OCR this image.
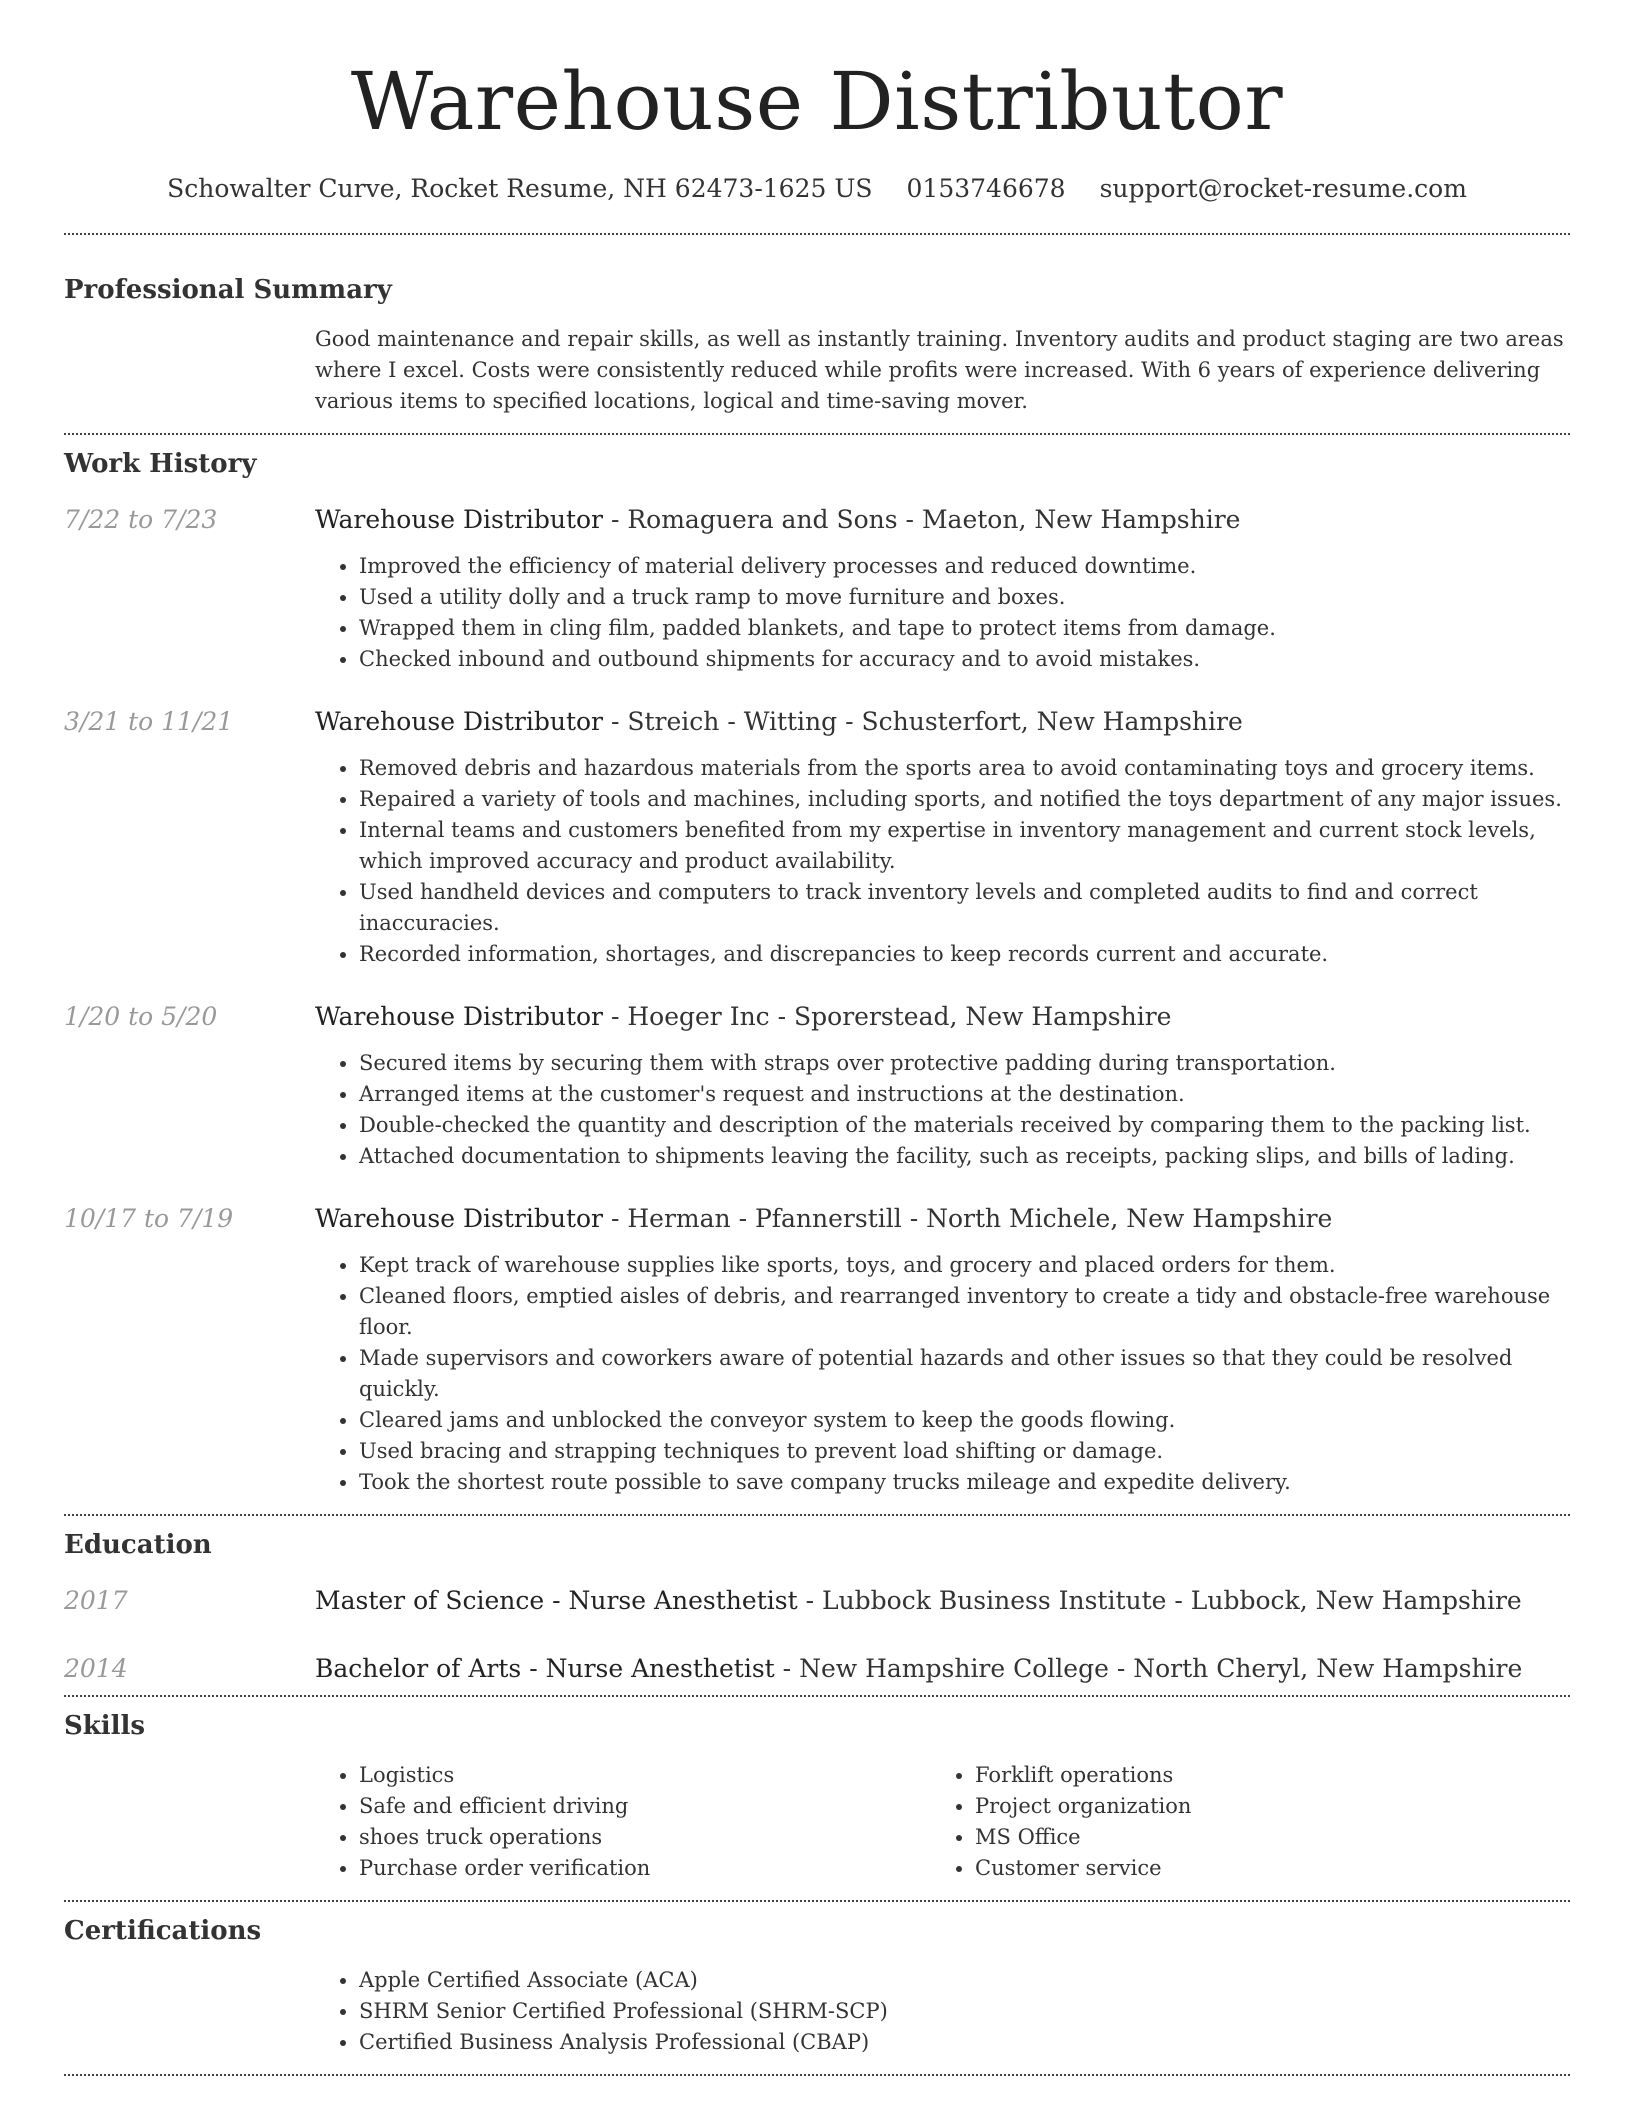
Warehouse Distributor
Schowalter Curve, Rocket Resume, NH 62473-1625 US 0153746678 support@rocket-resume.com
Professional Summary

Good maintenance and repair skills, as well as instantly training. Inventory audits and product staging are two areas where I excel. Costs were consistently reduced while profits were increased. With 6 years of experience delivering various items to specified locations, logical and time-saving mover.

Work History
7/22 to 7/23	Warehouse Distributor - Romaguera and Sons - Maeton, New Hampshire
• Improved the efficiency of material delivery processes and reduced downtime.
• Used a utility dolly and a truck ramp to move furniture and boxes.
• Wrapped them in cling film, padded blankets, and tape to protect items from damage.
• Checked inbound and outbound shipments for accuracy and to avoid mistakes.
3/21 to 11/21	Warehouse Distributor - Streich - Witting - Schusterfort, New Hampshire
• Removed debris and hazardous materials from the sports area to avoid contaminating toys and grocery items.
• Repaired a variety of tools and machines, including sports, and notified the toys department of any major issues.
• Internal teams and customers benefited from my expertise in inventory management and current stock levels, which improved accuracy and product availability.
• Used handheld devices and computers to track inventory levels and completed audits to find and correct inaccuracies.
• Recorded information, shortages, and discrepancies to keep records current and accurate.
1/20 to 5/20	Warehouse Distributor - Hoeger Inc - Sporerstead, New Hampshire
• Secured items by securing them with straps over protective padding during transportation.
• Arranged items at the customer's request and instructions at the destination.
• Double-checked the quantity and description of the materials received by comparing them to the packing list.
• Attached documentation to shipments leaving the facility, such as receipts, packing slips, and bills of lading.
10/17 to 7/19	Warehouse Distributor - Herman - Pfannerstill - North Michele, New Hampshire
• Kept track of warehouse supplies like sports, toys, and grocery and placed orders for them.
• Cleaned floors, emptied aisles of debris, and rearranged inventory to create a tidy and obstacle-free warehouse floor.
• Made supervisors and coworkers aware of potential hazards and other issues so that they could be resolved quickly.
• Cleared jams and unblocked the conveyor system to keep the goods flowing.
• Used bracing and strapping techniques to prevent load shifting or damage.
• Took the shortest route possible to save company trucks mileage and expedite delivery.
Education
2017	Master of Science - Nurse Anesthetist - Lubbock Business Institute - Lubbock, New Hampshire
2014	Bachelor of Arts - Nurse Anesthetist - New Hampshire College - North Cheryl, New Hampshire
Skills
• Logistics
• Safe and efficient driving
• shoes truck operations
• Purchase order verification
• Forklift operations
• Project organization
• MS Office
• Customer service
Certifications
• Apple Certified Associate (ACA)
• SHRM Senior Certified Professional (SHRM-SCP)
• Certified Business Analysis Professional (CBAP)
